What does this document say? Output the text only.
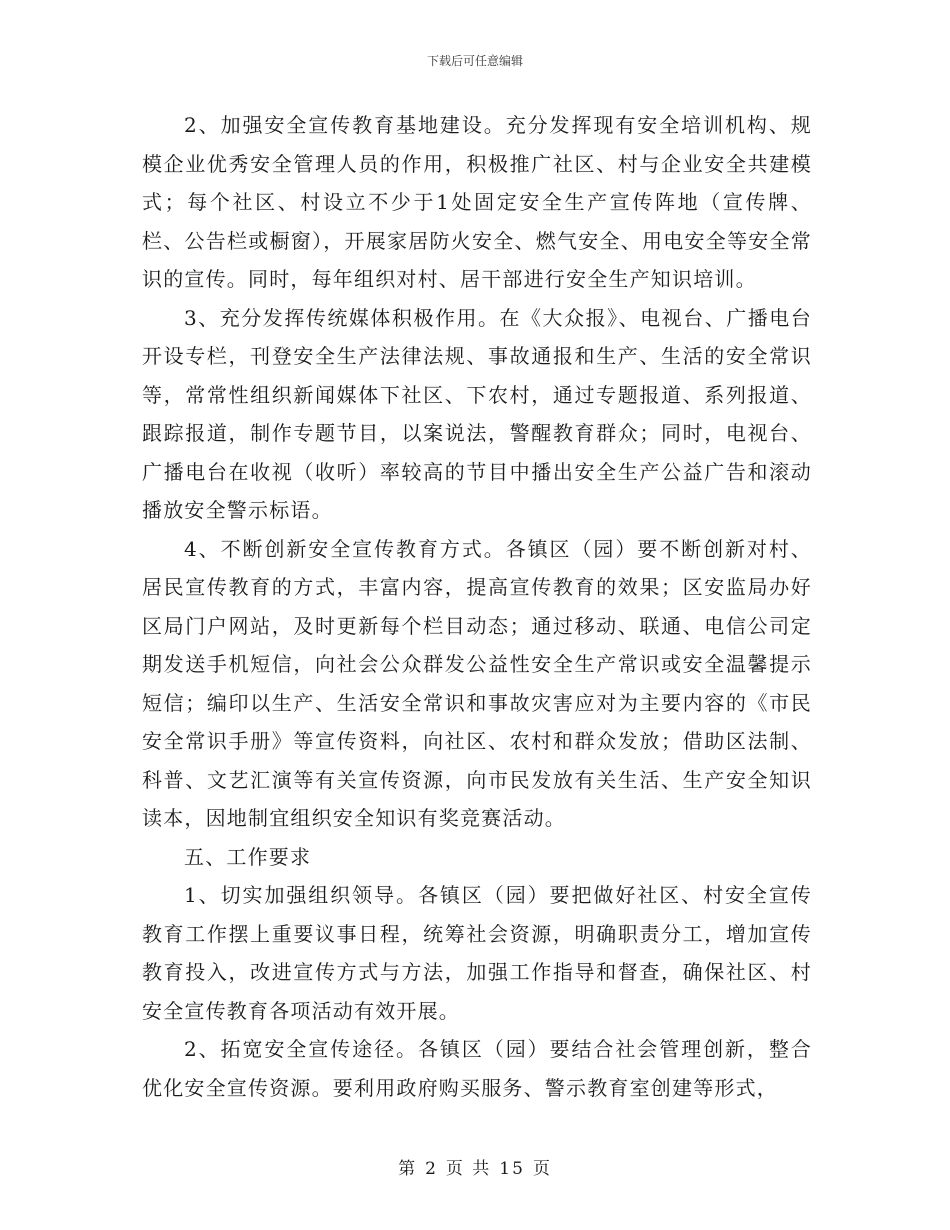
下载后可任意编辑

2、加强安全宣传教育基地建设。充分发挥现有安全培训机构、规模企业优秀安全管理人员的作用，积极推广社区、村与企业安全共建模式；每个社区、村设立不少于1处固定安全生产宣传阵地（宣传牌、栏、公告栏或橱窗），开展家居防火安全、燃气安全、用电安全等安全常识的宣传。同时，每年组织对村、居干部进行安全生产知识培训。

3、充分发挥传统媒体积极作用。在《大众报》、电视台、广播电台开设专栏，刊登安全生产法律法规、事故通报和生产、生活的安全常识等，常常性组织新闻媒体下社区、下农村，通过专题报道、系列报道、跟踪报道，制作专题节目，以案说法，警醒教育群众；同时，电视台、广播电台在收视（收听）率较高的节目中播出安全生产公益广告和滚动播放安全警示标语。

4、不断创新安全宣传教育方式。各镇区（园）要不断创新对村、居民宣传教育的方式，丰富内容，提高宣传教育的效果；区安监局办好区局门户网站，及时更新每个栏目动态；通过移动、联通、电信公司定期发送手机短信，向社会公众群发公益性安全生产常识或安全温馨提示短信；编印以生产、生活安全常识和事故灾害应对为主要内容的《市民安全常识手册》等宣传资料，向社区、农村和群众发放；借助区法制、科普、文艺汇演等有关宣传资源，向市民发放有关生活、生产安全知识读本，因地制宜组织安全知识有奖竞赛活动。

五、工作要求

1、切实加强组织领导。各镇区（园）要把做好社区、村安全宣传教育工作摆上重要议事日程，统筹社会资源，明确职责分工，增加宣传教育投入，改进宣传方式与方法，加强工作指导和督查，确保社区、村安全宣传教育各项活动有效开展。

2、拓宽安全宣传途径。各镇区（园）要结合社会管理创新，整合优化安全宣传资源。要利用政府购买服务、警示教育室创建等形式，

第 2 页 共 15 页
